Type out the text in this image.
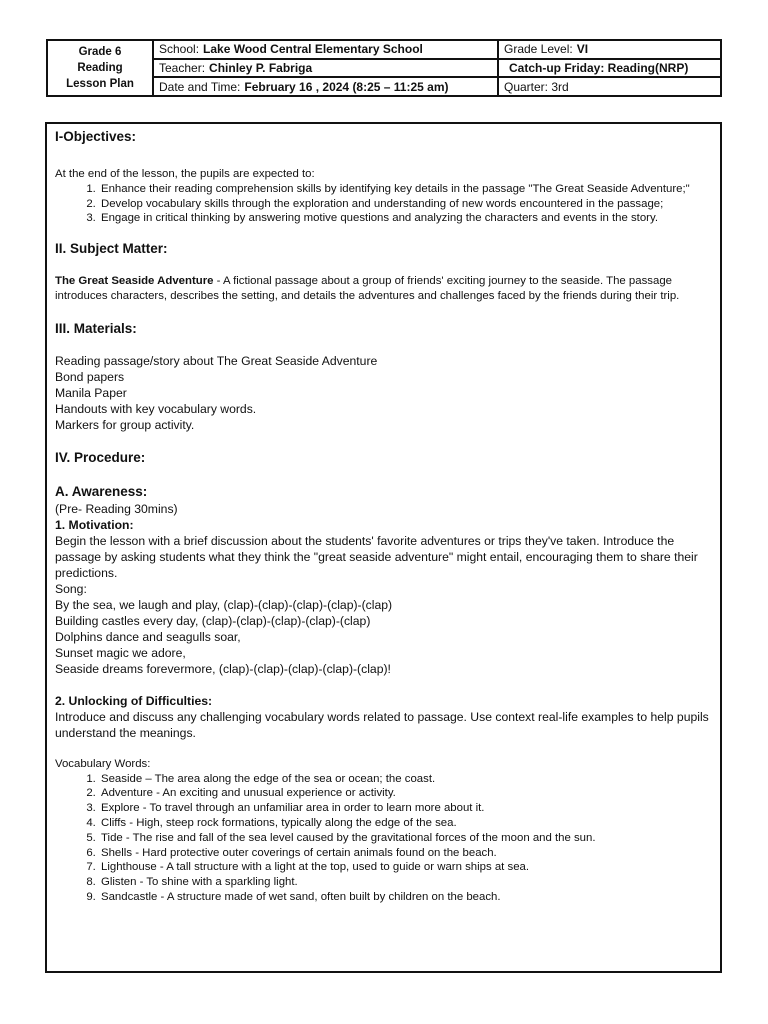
Grade 6
Reading
Lesson Plan
School: Lake Wood Central Elementary School
Teacher: Chinley P. Fabriga
Date and Time: February 16 , 2024 (8:25 – 11:25 am)
Grade Level: VI
Catch-up Friday: Reading(NRP)
Quarter: 3rd
I-Objectives:

At the end of the lesson, the pupils are expected to:

1. Enhance their reading comprehension skills by identifying key details in the passage "The Great Seaside Adventure;"
2. Develop vocabulary skills through the exploration and understanding of new words encountered in the passage;
3. Engage in critical thinking by answering motive questions and analyzing the characters and events in the story.
II. Subject Matter:

The Great Seaside Adventure - A fictional passage about a group of friends' exciting journey to the seaside. The passage introduces characters, describes the setting, and details the adventures and challenges faced by the friends during their trip.

III. Materials:

Reading passage/story about The Great Seaside Adventure

Bond papers

Manila Paper

Handouts with key vocabulary words.

Markers for group activity.

IV. Procedure:
A. Awareness:

(Pre- Reading 30mins)

1. Motivation:

Begin the lesson with a brief discussion about the students' favorite adventures or trips they've taken. Introduce the passage by asking students what they think the "great seaside adventure" might entail, encouraging them to share their predictions.

Song:

By the sea, we laugh and play, (clap)-(clap)-(clap)-(clap)-(clap)

Building castles every day, (clap)-(clap)-(clap)-(clap)-(clap)

Dolphins dance and seagulls soar,

Sunset magic we adore,

Seaside dreams forevermore, (clap)-(clap)-(clap)-(clap)-(clap)!

2. Unlocking of Difficulties:

Introduce and discuss any challenging vocabulary words related to passage. Use context real-life examples to help pupils understand the meanings.

Vocabulary Words:

1. Seaside – The area along the edge of the sea or ocean; the coast.
2. Adventure - An exciting and unusual experience or activity.
3. Explore - To travel through an unfamiliar area in order to learn more about it.
4. Cliffs - High, steep rock formations, typically along the edge of the sea.
5. Tide - The rise and fall of the sea level caused by the gravitational forces of the moon and the sun.
6. Shells - Hard protective outer coverings of certain animals found on the beach.
7. Lighthouse - A tall structure with a light at the top, used to guide or warn ships at sea.
8. Glisten - To shine with a sparkling light.
9. Sandcastle - A structure made of wet sand, often built by children on the beach.
